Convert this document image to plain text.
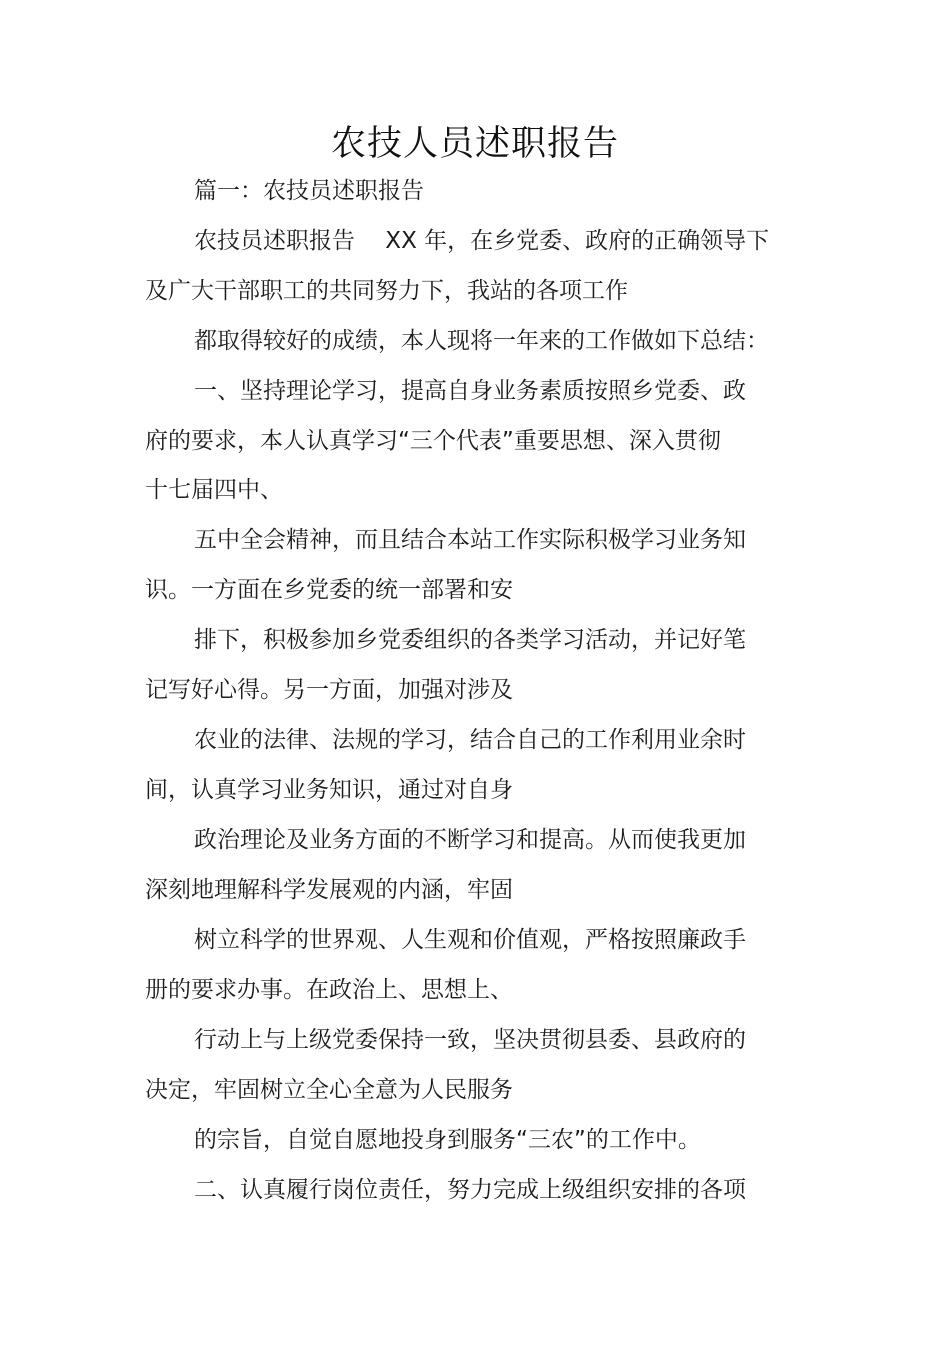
农技人员述职报告
篇一：农技员述职报告
农技员述职报告　 XX 年，在乡党委、政府的正确领导下
及广大干部职工的共同努力下，我站的各项工作
都取得较好的成绩，本人现将一年来的工作做如下总结：
一、坚持理论学习，提高自身业务素质按照乡党委、政
府的要求，本人认真学习“三个代表”重要思想、深入贯彻
十七届四中、
五中全会精神，而且结合本站工作实际积极学习业务知
识。一方面在乡党委的统一部署和安
排下，积极参加乡党委组织的各类学习活动，并记好笔
记写好心得。另一方面，加强对涉及
农业的法律、法规的学习，结合自己的工作利用业余时
间，认真学习业务知识，通过对自身
政治理论及业务方面的不断学习和提高。从而使我更加
深刻地理解科学发展观的内涵，牢固
树立科学的世界观、人生观和价值观，严格按照廉政手
册的要求办事。在政治上、思想上、
行动上与上级党委保持一致，坚决贯彻县委、县政府的
决定，牢固树立全心全意为人民服务
的宗旨，自觉自愿地投身到服务“三农”的工作中。
二、认真履行岗位责任，努力完成上级组织安排的各项
